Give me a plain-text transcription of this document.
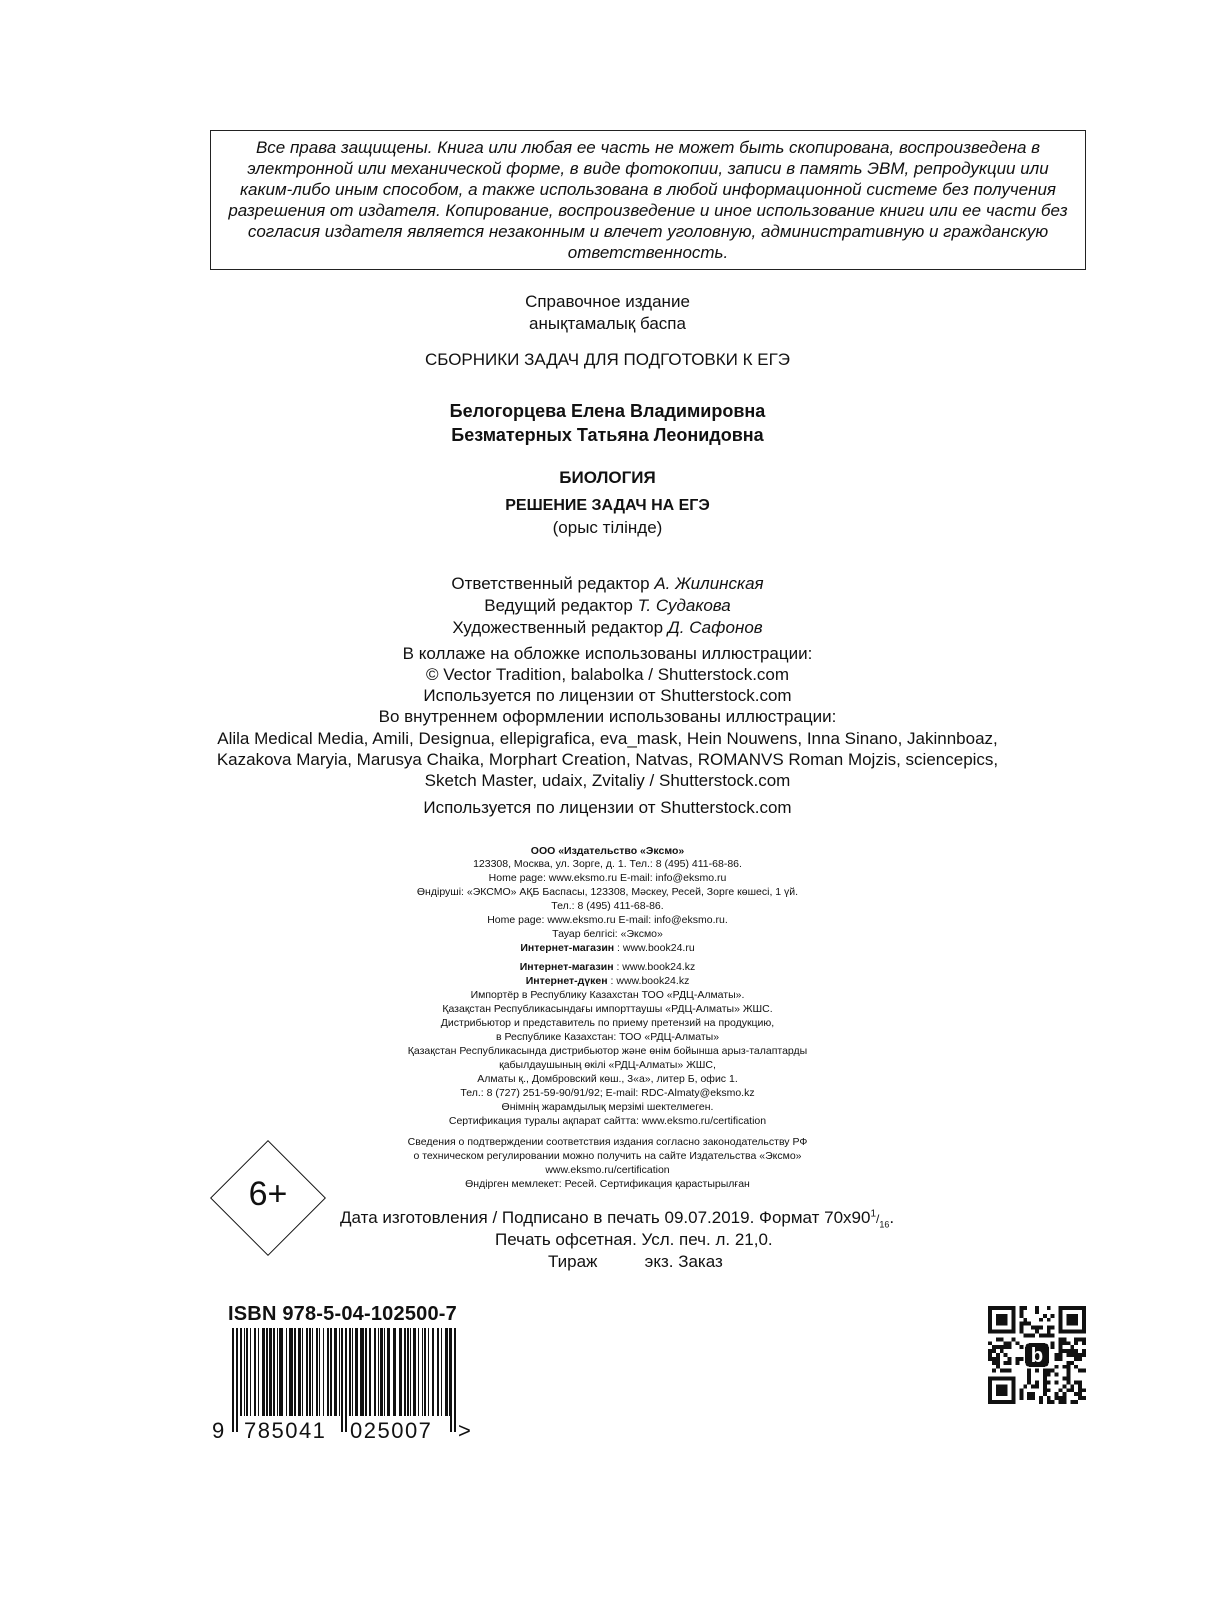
Все права защищены. Книга или любая ее часть не может быть скопирована, воспроизведена в электронной или механической форме, в виде фотокопии, записи в память ЭВМ, репродукции или каким-либо иным способом, а также использована в любой информационной системе без получения разрешения от издателя. Копирование, воспроизведение и иное использование книги или ее части без согласия издателя является незаконным и влечет уголовную, административную и гражданскую ответственность.

Справочное издание
анықтамалық баспа
СБОРНИКИ ЗАДАЧ ДЛЯ ПОДГОТОВКИ К ЕГЭ
Белогорцева Елена Владимировна
Безматерных Татьяна Леонидовна
БИОЛОГИЯ
РЕШЕНИЕ ЗАДАЧ НА ЕГЭ
(орыс тілінде)
Ответственный редактор А. Жилинская
Ведущий редактор Т. Судакова
Художественный редактор Д. Сафонов
В коллаже на обложке использованы иллюстрации:
© Vector Tradition, balabolka / Shutterstock.com
Используется по лицензии от Shutterstock.com
Во внутреннем оформлении использованы иллюстрации:
Alila Medical Media, Amili, Designua, ellepigrafica, eva_mask, Hein Nouwens, Inna Sinano, Jakinnboaz,
Kazakova Maryia, Marusya Chaika, Morphart Creation, Natvas, ROMANVS Roman Mojzis, sciencepics,
Sketch Master, udaix, Zvitaliy / Shutterstock.com
Используется по лицензии от Shutterstock.com
ООО «Издательство «Эксмо»
123308, Москва, ул. Зорге, д. 1. Тел.: 8 (495) 411-68-86.
Home page: www.eksmo.ru E-mail: info@eksmo.ru
Өндіруші: «ЭКСМО» АҚБ Баспасы, 123308, Мәскеу, Ресей, Зорге көшесі, 1 үй.
Тел.: 8 (495) 411-68-86.
Home page: www.eksmo.ru E-mail: info@eksmo.ru.
Тауар белгісі: «Эксмо»
Интернет-магазин : www.book24.ru
Интернет-магазин : www.book24.kz
Интернет-дүкен : www.book24.kz
Импортёр в Республику Казахстан ТОО «РДЦ-Алматы».
Қазақстан Республикасындағы импорттаушы «РДЦ-Алматы» ЖШС.
Дистрибьютор и представитель по приему претензий на продукцию,
в Республике Казахстан: ТОО «РДЦ-Алматы»
Қазақстан Республикасында дистрибьютор және өнім бойынша арыз-талаптарды
қабылдаушының өкілі «РДЦ-Алматы» ЖШС,
Алматы қ., Домбровский көш., 3«а», литер Б, офис 1.
Тел.: 8 (727) 251-59-90/91/92; E-mail: RDC-Almaty@eksmo.kz
Өнімнің жарамдылық мерзімі шектелмеген.
Сертификация туралы ақпарат сайтта: www.eksmo.ru/certification
Сведения о подтверждении соответствия издания согласно законодательству РФ
о техническом регулировании можно получить на сайте Издательства «Эксмо»
www.eksmo.ru/certification
Өндірген мемлекет: Ресей. Сертификация қарастырылған
6+
Дата изготовления / Подписано в печать 09.07.2019. Формат $70x90^1/_{16}$.
Печать офсетная. Усл. печ. л. 21,0.
Тираж          экз. Заказ
ISBN 978-5-04-102500-7
9 785041 025007 >
b
